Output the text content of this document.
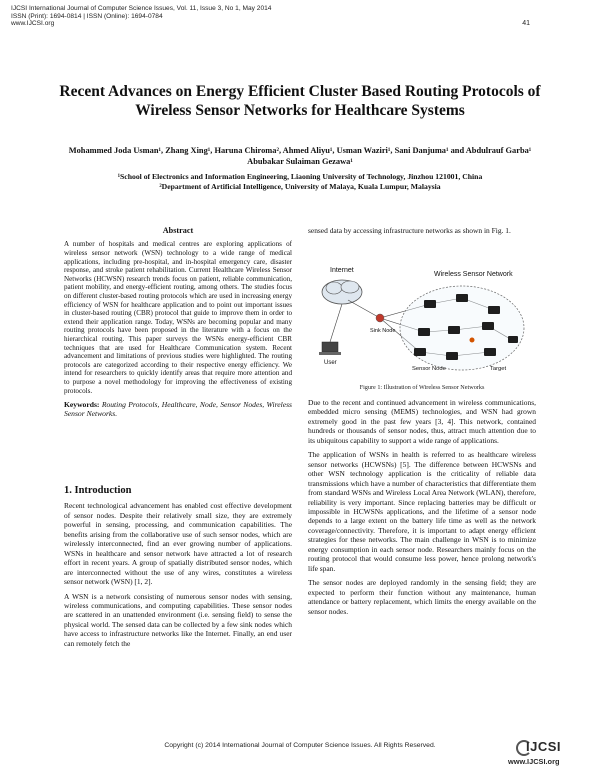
IJCSI International Journal of Computer Science Issues, Vol. 11, Issue 3, No 1, May 2014
ISSN (Print): 1694-0814 | ISSN (Online): 1694-0784
www.IJCSI.org	41
Recent Advances on Energy Efficient Cluster Based Routing Protocols of Wireless Sensor Networks for Healthcare Systems
Mohammed Joda Usman¹, Zhang Xing¹, Haruna Chiroma², Ahmed Aliyu¹, Usman Waziri¹, Sani Danjuma¹ and Abdulrauf Garba¹
Abubakar Sulaiman Gezawa¹
¹School of Electronics and Information Engineering, Liaoning University of Technology, Jinzhou 121001, China
²Department of Artificial Intelligence, University of Malaya, Kuala Lumpur, Malaysia
Abstract

A number of hospitals and medical centres are exploring applications of wireless sensor network (WSN) technology to a wide range of medical applications, including pre-hospital, and in-hospital emergency care, disaster response, and stroke patient rehabilitation. Current Healthcare Wireless Sensor Networks (HCWSN) research trends focus on patient, reliable communication, patient mobility, and energy-efficient routing, among others. The studies focus on different cluster-based routing protocols which are used in increasing energy efficiency of WSN for healthcare application and to point out important issues in cluster-based routing (CBR) protocol that guide to improve them in order to extend their application range. Today, WSNs are becoming popular and many routing protocols have been proposed in the literature with a focus on the hierarchical routing. This paper surveys the WSNs energy-efficient CBR techniques that are used for Healthcare Communication system. Recent advancement and limitations of previous studies were highlighted. The routing protocols are categorized according to their respective energy efficiency. We intend for researchers to quickly identify areas that require more attention and to purpose a novel methodology for improving the effectiveness of existing protocols.

Keywords: Routing Protocols, Healthcare, Node, Sensor Nodes, Wireless Sensor Networks.

1. Introduction

Recent technological advancement has enabled cost effective development of sensor nodes. Despite their relatively small size, they are extremely powerful in sensing, processing, and communication capabilities. The benefits arising from the collaborative use of such sensor nodes, which are wirelessly interconnected, find an ever growing number of applications. WSNs in healthcare and sensor network have attracted a lot of research effort in recent years. A group of spatially distributed sensor nodes, which are interconnected without the use of any wires, constitutes a wireless sensor network (WSN) [1, 2].

A WSN is a network consisting of numerous sensor nodes with sensing, wireless communications, and computing capabilities. These sensor nodes are scattered in an unattended environment (i.e. sensing field) to sense the physical world. The sensed data can be collected by a few sink nodes which have access to infrastructure networks like the Internet. Finally, an end user can remotely fetch the

sensed data by accessing infrastructure networks as shown in Fig. 1.

Internet
Wireless Sensor Network
Sink Node
User
Sensor Node	Target
Figure 1: Illustration of Wireless Sensor Networks

Due to the recent and continued advancement in wireless communications, embedded micro sensing (MEMS) technologies, and WSN had grown extremely good in the past few years [3, 4]. This network, contained hundreds or thousands of sensor nodes, thus, attract much attention due to its ubiquitous capability to support a wide range of applications.

The application of WSNs in health is referred to as healthcare wireless sensor networks (HCWSNs) [5]. The difference between HCWSNs and other WSN technology application is the criticality of reliable data transmissions which have a number of characteristics that differentiate them from standard WSNs and Wireless Local Area Network (WLAN), therefore, reliability is very important. Since replacing batteries may be difficult or impossible in HCWSNs applications, and the lifetime of a sensor node depends to a large extent on the battery life time as well as the network coverage/connectivity. Therefore, it is important to adapt energy efficient strategies for these networks. The main challenge in WSN is to minimize energy consumption in each sensor node. Researchers mainly focus on the routing protocol that would consume less power, hence prolong network's life span.

The sensor nodes are deployed randomly in the sensing field; they are expected to perform their function without any maintenance, human attendance or battery replacement, which limits the energy available on the sensor nodes.

Copyright (c) 2014 International Journal of Computer Science Issues. All Rights Reserved.	IJCSI
www.IJCSI.org
